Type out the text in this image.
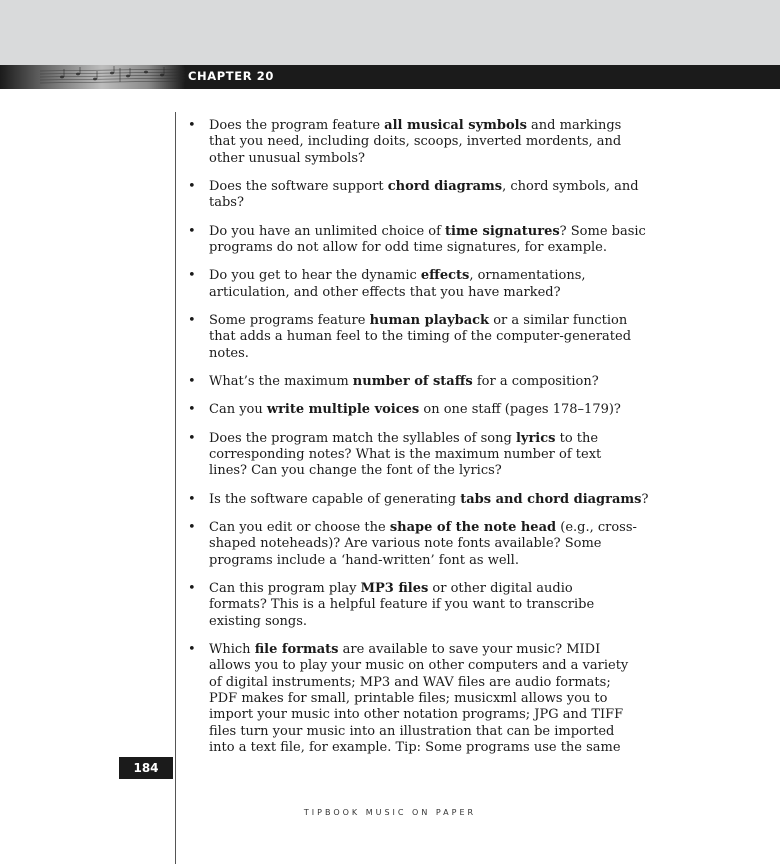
CHAPTER 20
• Does the program feature all musical symbols and markings
that you need, including doits, scoops, inverted mordents, and
other unusual symbols?
• Does the software support chord diagrams, chord symbols, and
tabs?
• Do you have an unlimited choice of time signatures? Some basic
programs do not allow for odd time signatures, for example.
• Do you get to hear the dynamic effects, ornamentations,
articulation, and other effects that you have marked?
• Some programs feature human playback or a similar function
that adds a human feel to the timing of the computer-generated
notes.
• What’s the maximum number of staffs for a composition?
• Can you write multiple voices on one staff (pages 178–179)?
• Does the program match the syllables of song lyrics to the
corresponding notes? What is the maximum number of text
lines? Can you change the font of the lyrics?
• Is the software capable of generating tabs and chord diagrams?
• Can you edit or choose the shape of the note head (e.g., cross-
shaped noteheads)? Are various note fonts available? Some
programs include a ‘hand-written’ font as well.
• Can this program play MP3 files or other digital audio
formats? This is a helpful feature if you want to transcribe
existing songs.
• Which file formats are available to save your music? MIDI
allows you to play your music on other computers and a variety
of digital instruments; MP3 and WAV files are audio formats;
PDF makes for small, printable files; musicxml allows you to
import your music into other notation programs; JPG and TIFF
files turn your music into an illustration that can be imported
into a text file, for example. Tip: Some programs use the same
184
TIPBOOK MUSIC ON PAPER
